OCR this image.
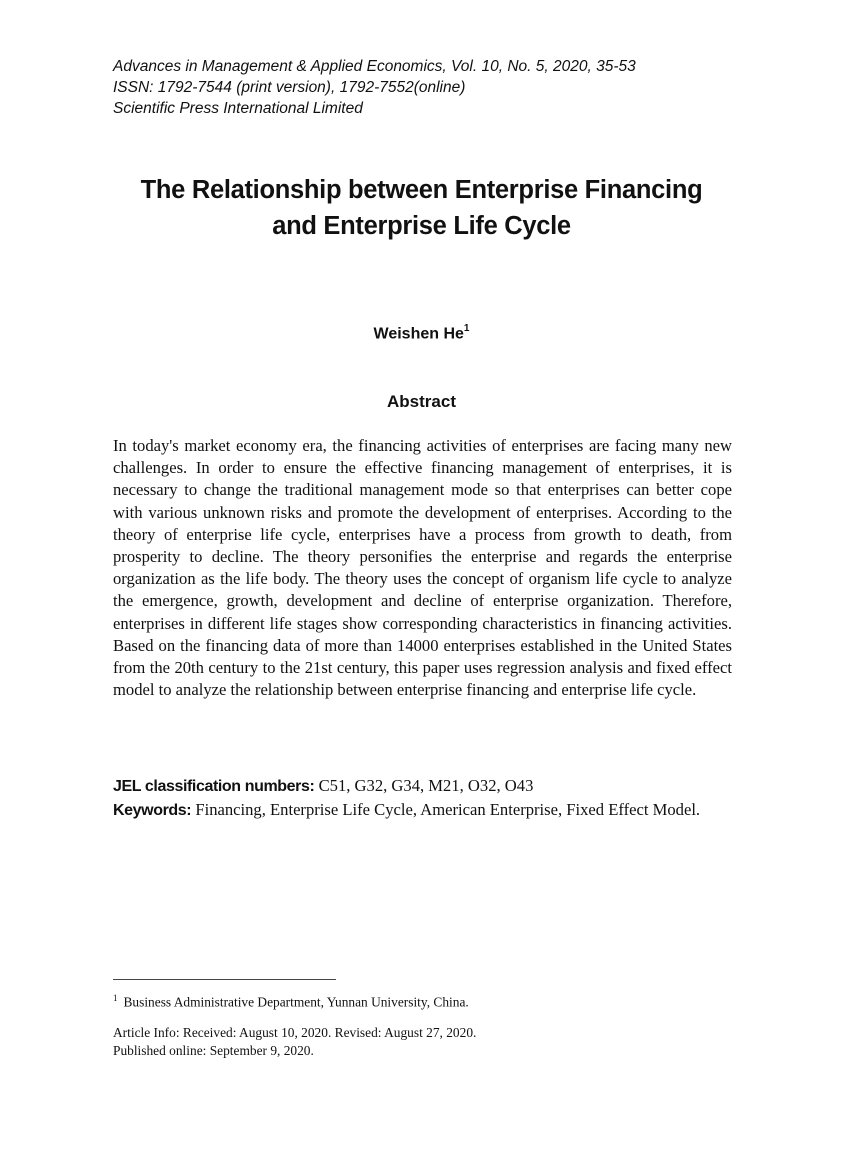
Advances in Management & Applied Economics, Vol. 10, No. 5, 2020, 35-53
ISSN: 1792-7544 (print version), 1792-7552(online)
Scientific Press International Limited
The Relationship between Enterprise Financing
and Enterprise Life Cycle
Weishen He$^1$
Abstract

In today's market economy era, the financing activities of enterprises are facing many new challenges. In order to ensure the effective financing management of enterprises, it is necessary to change the traditional management mode so that enterprises can better cope with various unknown risks and promote the development of enterprises. According to the theory of enterprise life cycle, enterprises have a process from growth to death, from prosperity to decline. The theory personifies the enterprise and regards the enterprise organization as the life body. The theory uses the concept of organism life cycle to analyze the emergence, growth, development and decline of enterprise organization. Therefore, enterprises in different life stages show corresponding characteristics in financing activities. Based on the financing data of more than 14000 enterprises established in the United States from the 20th century to the 21st century, this paper uses regression analysis and fixed effect model to analyze the relationship between enterprise financing and enterprise life cycle.

JEL classification numbers: C51, G32, G34, M21, O32, O43
Keywords: Financing, Enterprise Life Cycle, American Enterprise, Fixed Effect Model.
$^1$ Business Administrative Department, Yunnan University, China.
Article Info: Received: August 10, 2020. Revised: August 27, 2020.
Published online: September 9, 2020.
